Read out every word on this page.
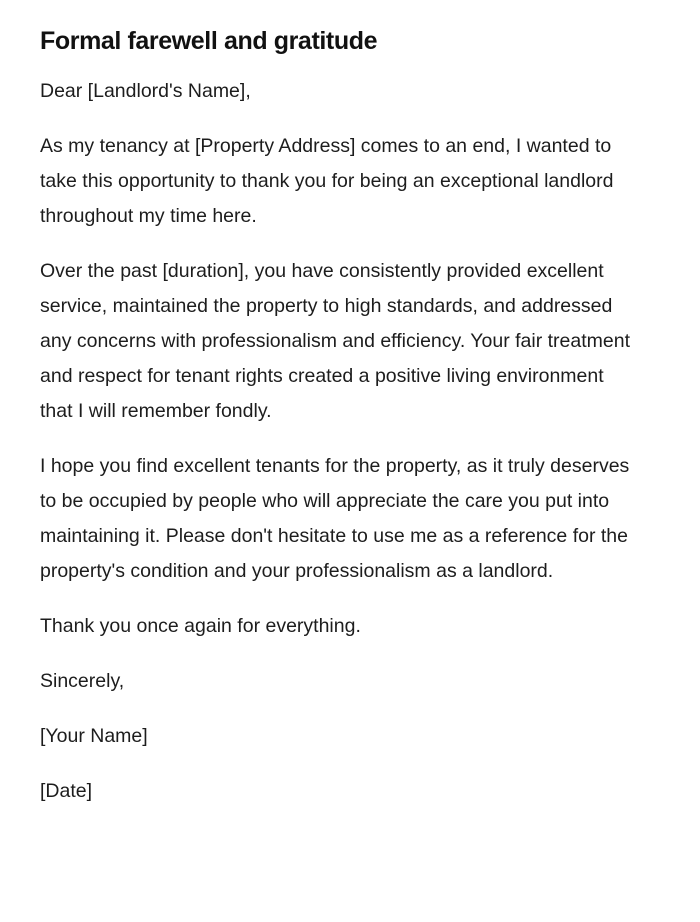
Formal farewell and gratitude

Dear [Landlord's Name],

As my tenancy at [Property Address] comes to an end, I wanted to take this opportunity to thank you for being an exceptional landlord throughout my time here.

Over the past [duration], you have consistently provided excellent service, maintained the property to high standards, and addressed any concerns with professionalism and efficiency. Your fair treatment and respect for tenant rights created a positive living environment that I will remember fondly.

I hope you find excellent tenants for the property, as it truly deserves to be occupied by people who will appreciate the care you put into maintaining it. Please don't hesitate to use me as a reference for the property's condition and your professionalism as a landlord.

Thank you once again for everything.

Sincerely,

[Your Name]

[Date]
